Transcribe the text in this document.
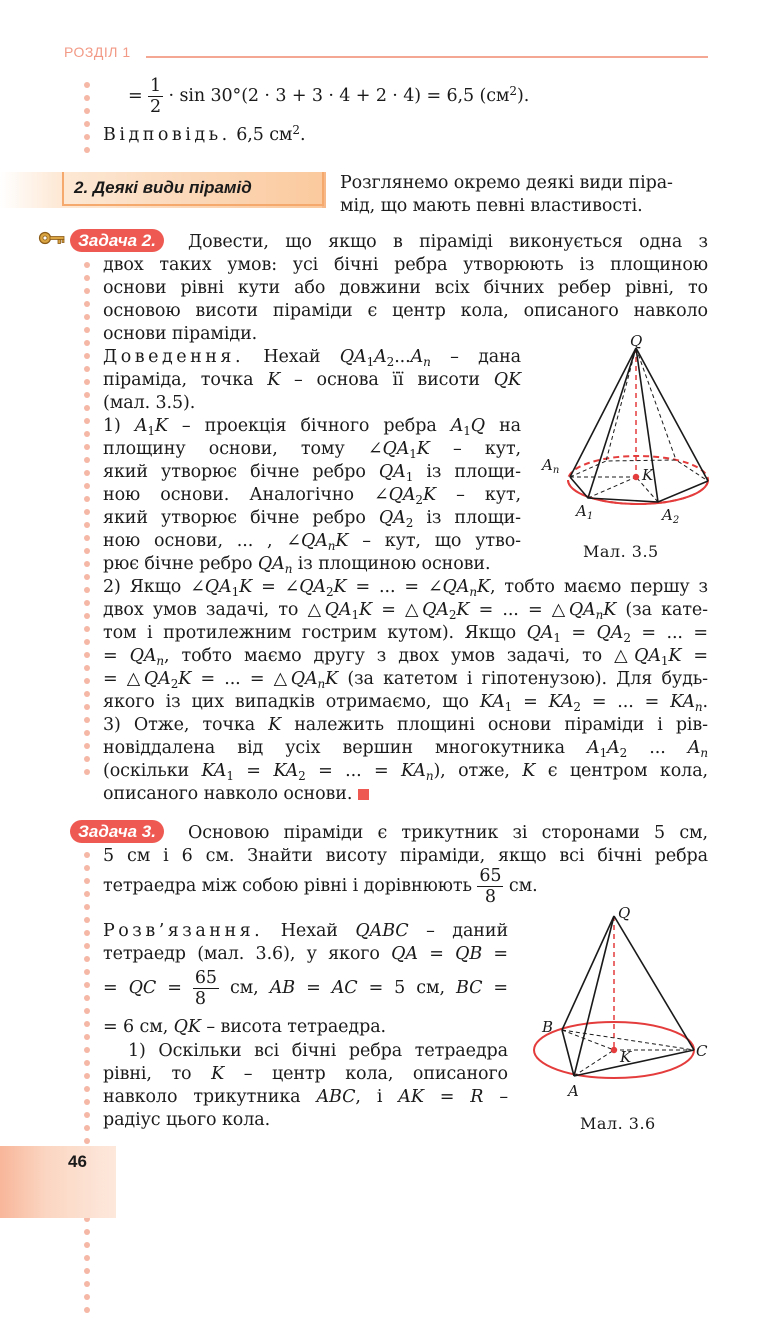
РОЗДІЛ 1
= $\frac{1}{2} \cdot \sin 30^\circ(2 \cdot 3 + 3 \cdot 4 + 2 \cdot 4) = 6,5$ $(см^2)$.
Відповідь. 6,5 $см^2$.
2. Деякі види пірамід	Розглянемо окремо деякі види піра-
мід, що мають певні властивості.
Задача 2.	Довести, що якщо в піраміді виконується одна з
двох таких умов: усі бічні ребра утворюють із площиною
основи рівні кути або довжини всіх бічних ребер рівні, то
основою висоти піраміди є центр кола, описаного навколо
основи піраміди.
Доведення. Нехай $QA_1A_2...A_n$ – дана
піраміда, точка K – основа її висоти QK
(мал. 3.5).
1) $A_1K$ – проекція бічного ребра $A_1Q$ на
площину основи, тому $\angle QA_1K$ – кут,
який утворює бічне ребро $QA_1$ із площи-
ною основи. Аналогічно $\angle QA_2K$ – кут,
який утворює бічне ребро $QA_2$ із площи-
ною основи, ... , $\angle QA_nK$ – кут, що утво-
рює бічне ребро $QA_n$ із площиною основи.
2) Якщо $\angle QA_1K$ = $\angle QA_2K$ = ... = $\angle QA_nK$, тобто маємо першу з
двох умов задачі, то $\triangle QA_1K$ = $\triangle QA_2K$ = ... = $\triangle QA_nK$ (за кате-
том і протилежним гострим кутом). Якщо $QA_1 = QA_2$ = ... =
= $QA_n$, тобто маємо другу з двох умов задачі, то $\triangle QA_1K$ =
= $\triangle QA_2K$ = ... = $\triangle QA_nK$ (за катетом і гіпотенузою). Для будь-
якого із цих випадків отримаємо, що $KA_1 = KA_2$ = ... = $KA_n$.
3) Отже, точка K належить площині основи піраміди і рів-
новіддалена від усіх вершин многокутника $A_1A_2$ ... $A_n$
(оскільки $KA_1 = KA_2$ = ... = $KA_n$), отже, K є центром кола,
описаного навколо основи.
Q
$A_n$	K
$A_1$	$A_2$
Мал. 3.5
Задача 3.	Основою піраміди є трикутник зі сторонами 5 см,
5 см і 6 см. Знайти висоту піраміди, якщо всі бічні ребра
тетраедра між собою рівні і дорівнюють $\frac{65}{8}$ см.
Розв’язання. Нехай QABC – даний
тетраедр (мал. 3.6), у якого QA = QB =
= QC = $\frac{65}{8}$ см, AB = AC = 5 см, BC =
= 6 см, QK – висота тетраедра.
1) Оскільки всі бічні ребра тетраедра
рівні, то K – центр кола, описаного
навколо трикутника ABC, і AK = R –
радіус цього кола.
Q
B
K	C
A
Мал. 3.6
46
